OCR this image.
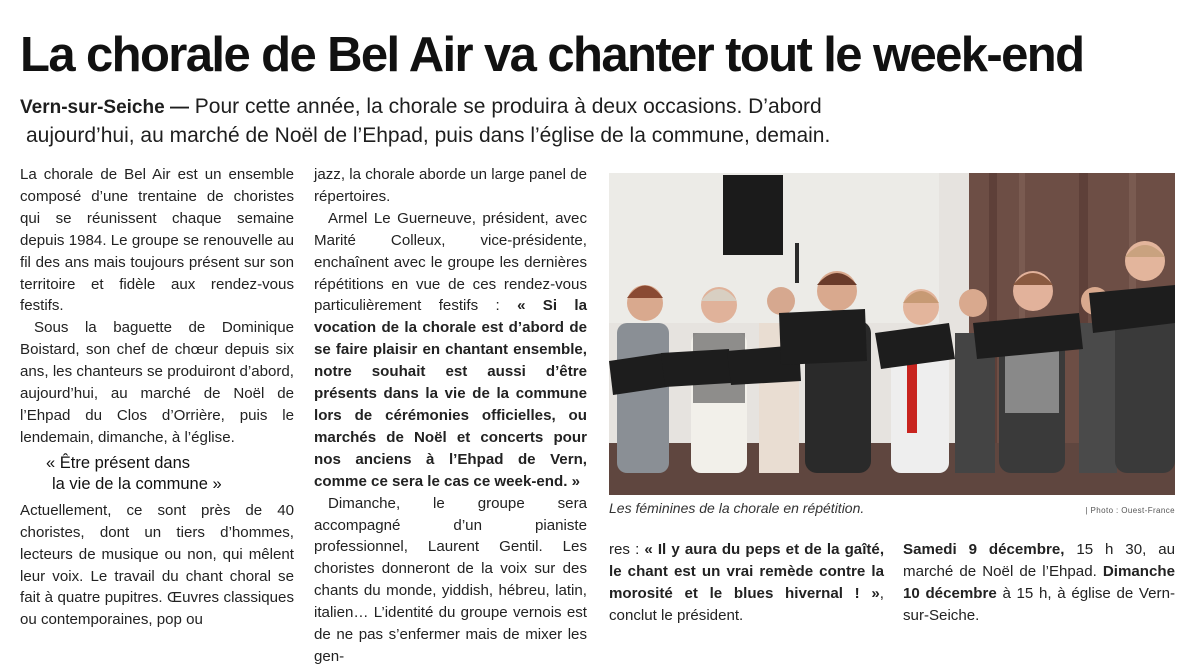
La chorale de Bel Air va chanter tout le week-end
Vern-sur-Seiche — Pour cette année, la chorale se produira à deux occasions. D’abord
aujourd’hui, au marché de Noël de l’Ehpad, puis dans l’église de la commune, demain.

La chorale de Bel Air est un ensemble composé d’une trentaine de choristes qui se réunissent chaque semaine depuis 1984. Le groupe se renouvelle au fil des ans mais toujours présent sur son territoire et fidèle aux rendez-vous festifs.

Sous la baguette de Dominique Boistard, son chef de chœur depuis six ans, les chanteurs se produiront d’abord, aujourd’hui, au marché de Noël de l’Ehpad du Clos d’Orrière, puis le lendemain, dimanche, à l’église.

« Être présent dans
la vie de la commune »

Actuellement, ce sont près de 40 choristes, dont un tiers d’hommes, lecteurs de musique ou non, qui mêlent leur voix. Le travail du chant choral se fait à quatre pupitres. Œuvres classiques ou contemporaines, pop ou

jazz, la chorale aborde un large panel de répertoires.

Armel Le Guerneuve, président, avec Marité Colleux, vice-présidente, enchaînent avec le groupe les dernières répétitions en vue de ces rendez-vous particulièrement festifs : « Si la vocation de la chorale est d’abord de se faire plaisir en chantant ensemble, notre souhait est aussi d’être présents dans la vie de la commune lors de cérémonies officielles, ou marchés de Noël et concerts pour nos anciens à l’Ehpad de Vern, comme ce sera le cas ce week-end. »

Dimanche, le groupe sera accompagné d’un pianiste professionnel, Laurent Gentil. Les choristes donneront de la voix sur des chants du monde, yiddish, hébreu, latin, italien… L’identité du groupe vernois est de ne pas s’enfermer mais de mixer les gen-

Les féminines de la chorale en répétition.	| Photo : Ouest-France

res : « Il y aura du peps et de la gaîté, le chant est un vrai remède contre la morosité et le blues hivernal ! », conclut le président.

Samedi 9 décembre, 15 h 30, au marché de Noël de l’Ehpad. Dimanche 10 décembre à 15 h, à église de Vern-sur-Seiche.
